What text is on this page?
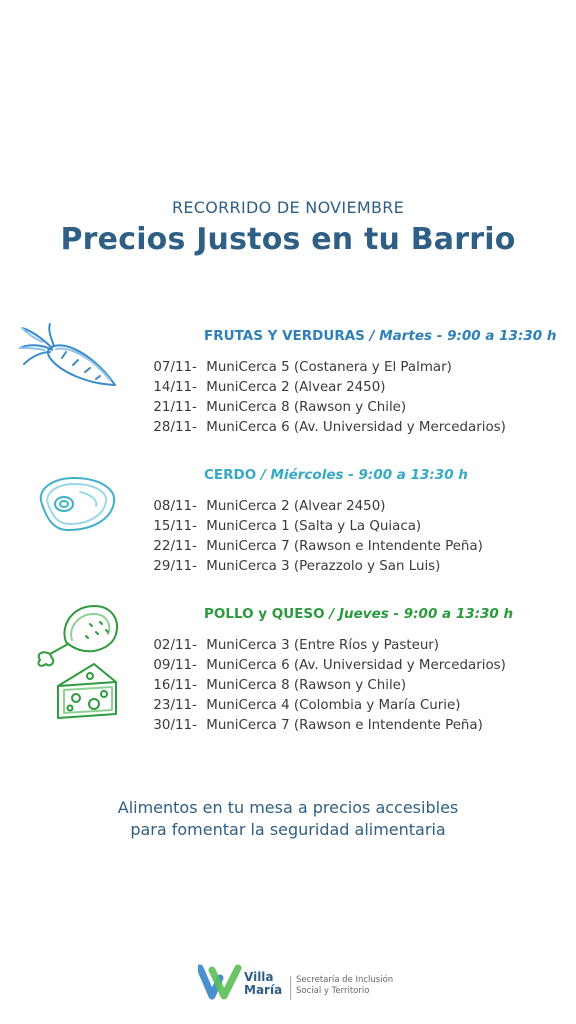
RECORRIDO DE NOVIEMBRE
Precios Justos en tu Barrio
FRUTAS Y VERDURAS / Martes - 9:00 a 13:30 h
07/11- MuniCerca 5 (Costanera y El Palmar)
14/11- MuniCerca 2 (Alvear 2450)
21/11- MuniCerca 8 (Rawson y Chile)
28/11- MuniCerca 6 (Av. Universidad y Mercedarios)
CERDO / Miércoles - 9:00 a 13:30 h
08/11- MuniCerca 2 (Alvear 2450)
15/11- MuniCerca 1 (Salta y La Quiaca)
22/11- MuniCerca 7 (Rawson e Intendente Peña)
29/11- MuniCerca 3 (Perazzolo y San Luis)
POLLO y QUESO / Jueves - 9:00 a 13:30 h
02/11- MuniCerca 3 (Entre Ríos y Pasteur)
09/11- MuniCerca 6 (Av. Universidad y Mercedarios)
16/11- MuniCerca 8 (Rawson y Chile)
23/11- MuniCerca 4 (Colombia y María Curie)
30/11- MuniCerca 7 (Rawson e Intendente Peña)
Alimentos en tu mesa a precios accesibles
para fomentar la seguridad alimentaria
Villa
María
Secretaría de Inclusión
Social y Territorio
